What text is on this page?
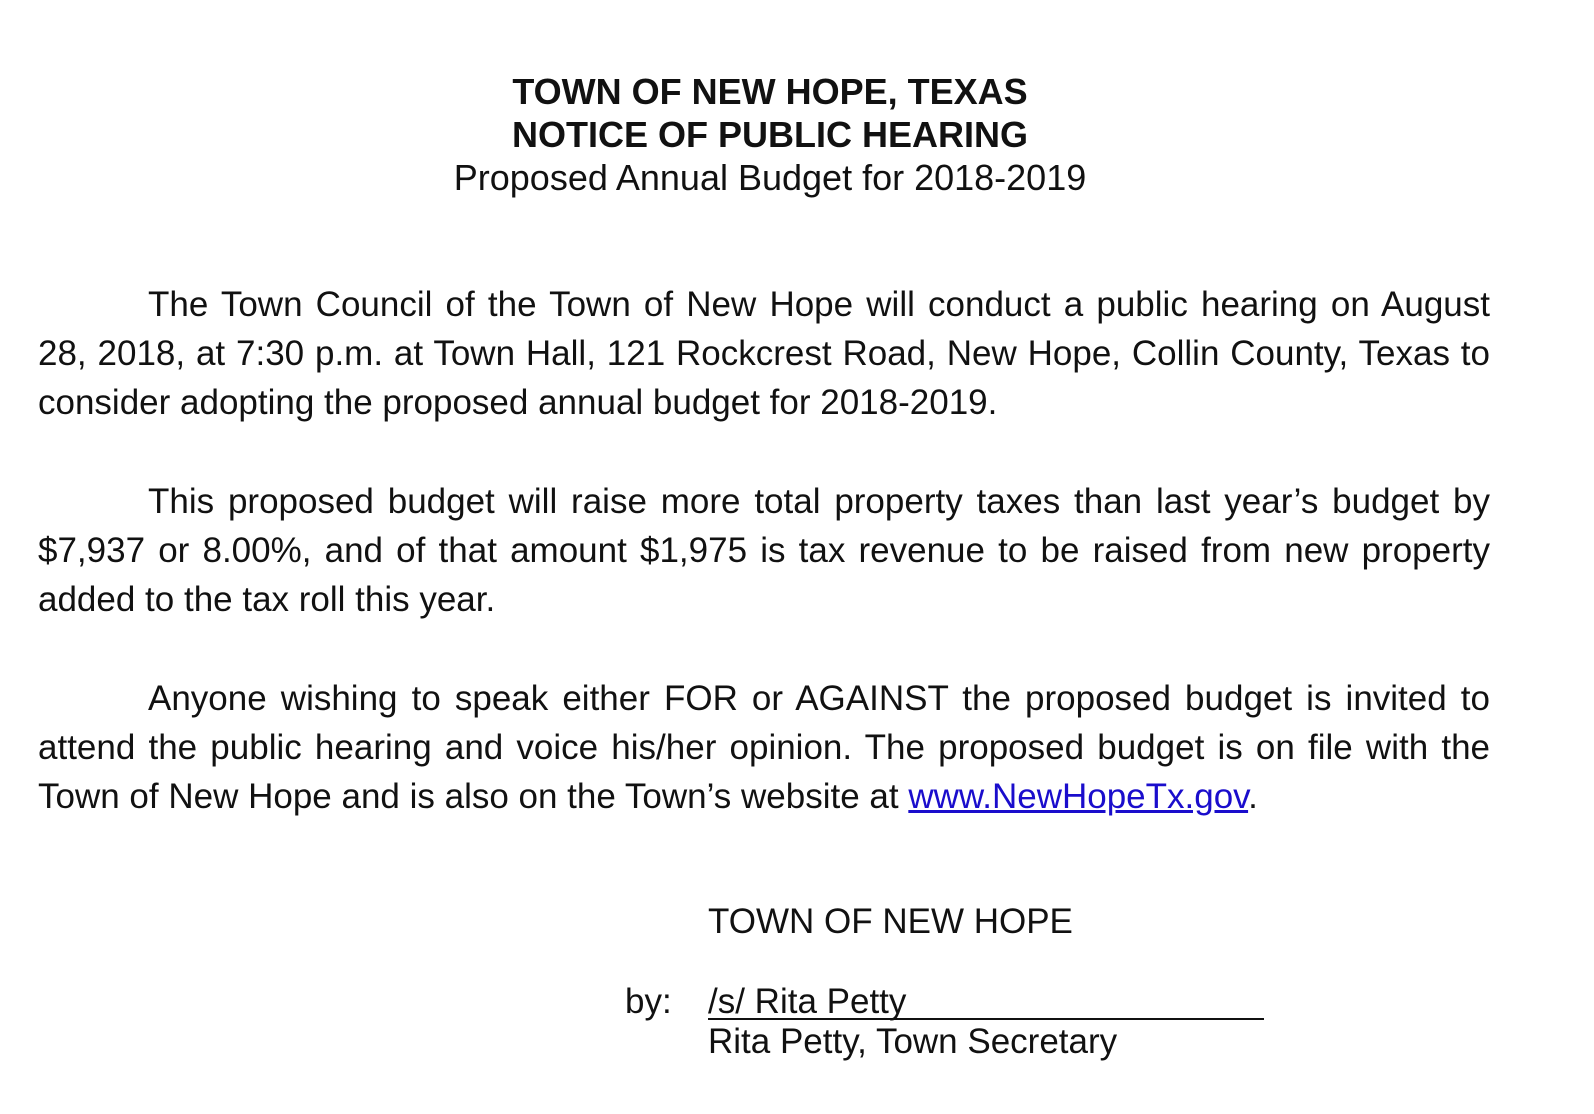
TOWN OF NEW HOPE, TEXAS
NOTICE OF PUBLIC HEARING
Proposed Annual Budget for 2018-2019

The Town Council of the Town of New Hope will conduct a public hearing on August 28, 2018, at 7:30 p.m. at Town Hall, 121 Rockcrest Road, New Hope, Collin County, Texas to consider adopting the proposed annual budget for 2018-2019.

This proposed budget will raise more total property taxes than last year’s budget by $7,937 or 8.00%, and of that amount $1,975 is tax revenue to be raised from new property added to the tax roll this year.

Anyone wishing to speak either FOR or AGAINST the proposed budget is invited to attend the public hearing and voice his/her opinion. The proposed budget is on file with the Town of New Hope and is also on the Town’s website at www.NewHopeTx.gov.

TOWN OF NEW HOPE
by: /s/ Rita Petty
Rita Petty, Town Secretary
